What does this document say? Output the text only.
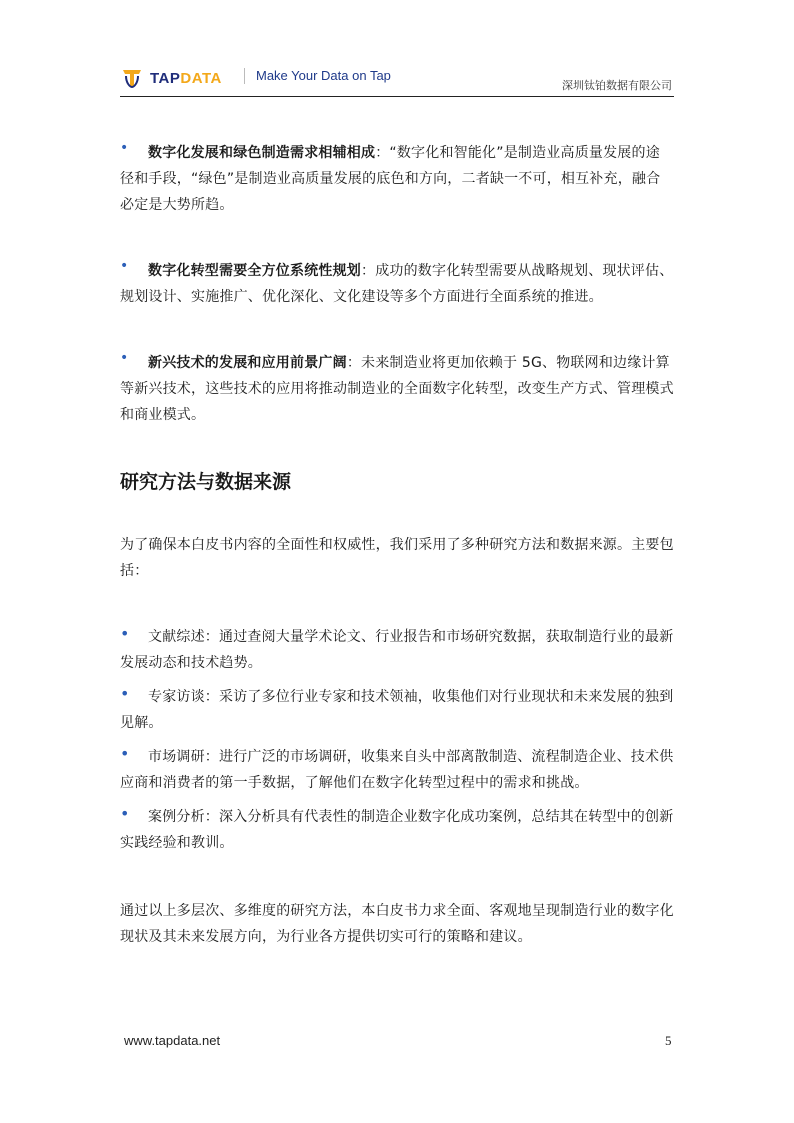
TAPDATA	Make Your Data on Tap
深圳钛铂数据有限公司
•	数字化发展和绿色制造需求相辅相成：“数字化和智能化”是制造业高质量发展的途径和手段，“绿色”是制造业高质量发展的底色和方向，二者缺一不可，相互补充，融合必定是大势所趋。

•	数字化转型需要全方位系统性规划：成功的数字化转型需要从战略规划、现状评估、规划设计、实施推广、优化深化、文化建设等多个方面进行全面系统的推进。

•	新兴技术的发展和应用前景广阔：未来制造业将更加依赖于 5G、物联网和边缘计算等新兴技术，这些技术的应用将推动制造业的全面数字化转型，改变生产方式、管理模式和商业模式。

研究方法与数据来源

为了确保本白皮书内容的全面性和权威性，我们采用了多种研究方法和数据来源。主要包括：

•	文献综述：通过查阅大量学术论文、行业报告和市场研究数据，获取制造行业的最新发展动态和技术趋势。

•	专家访谈：采访了多位行业专家和技术领袖，收集他们对行业现状和未来发展的独到见解。

•	市场调研：进行广泛的市场调研，收集来自头中部离散制造、流程制造企业、技术供应商和消费者的第一手数据，了解他们在数字化转型过程中的需求和挑战。

•	案例分析：深入分析具有代表性的制造企业数字化成功案例，总结其在转型中的创新实践经验和教训。

通过以上多层次、多维度的研究方法，本白皮书力求全面、客观地呈现制造行业的数字化现状及其未来发展方向，为行业各方提供切实可行的策略和建议。

www.tapdata.net	5
